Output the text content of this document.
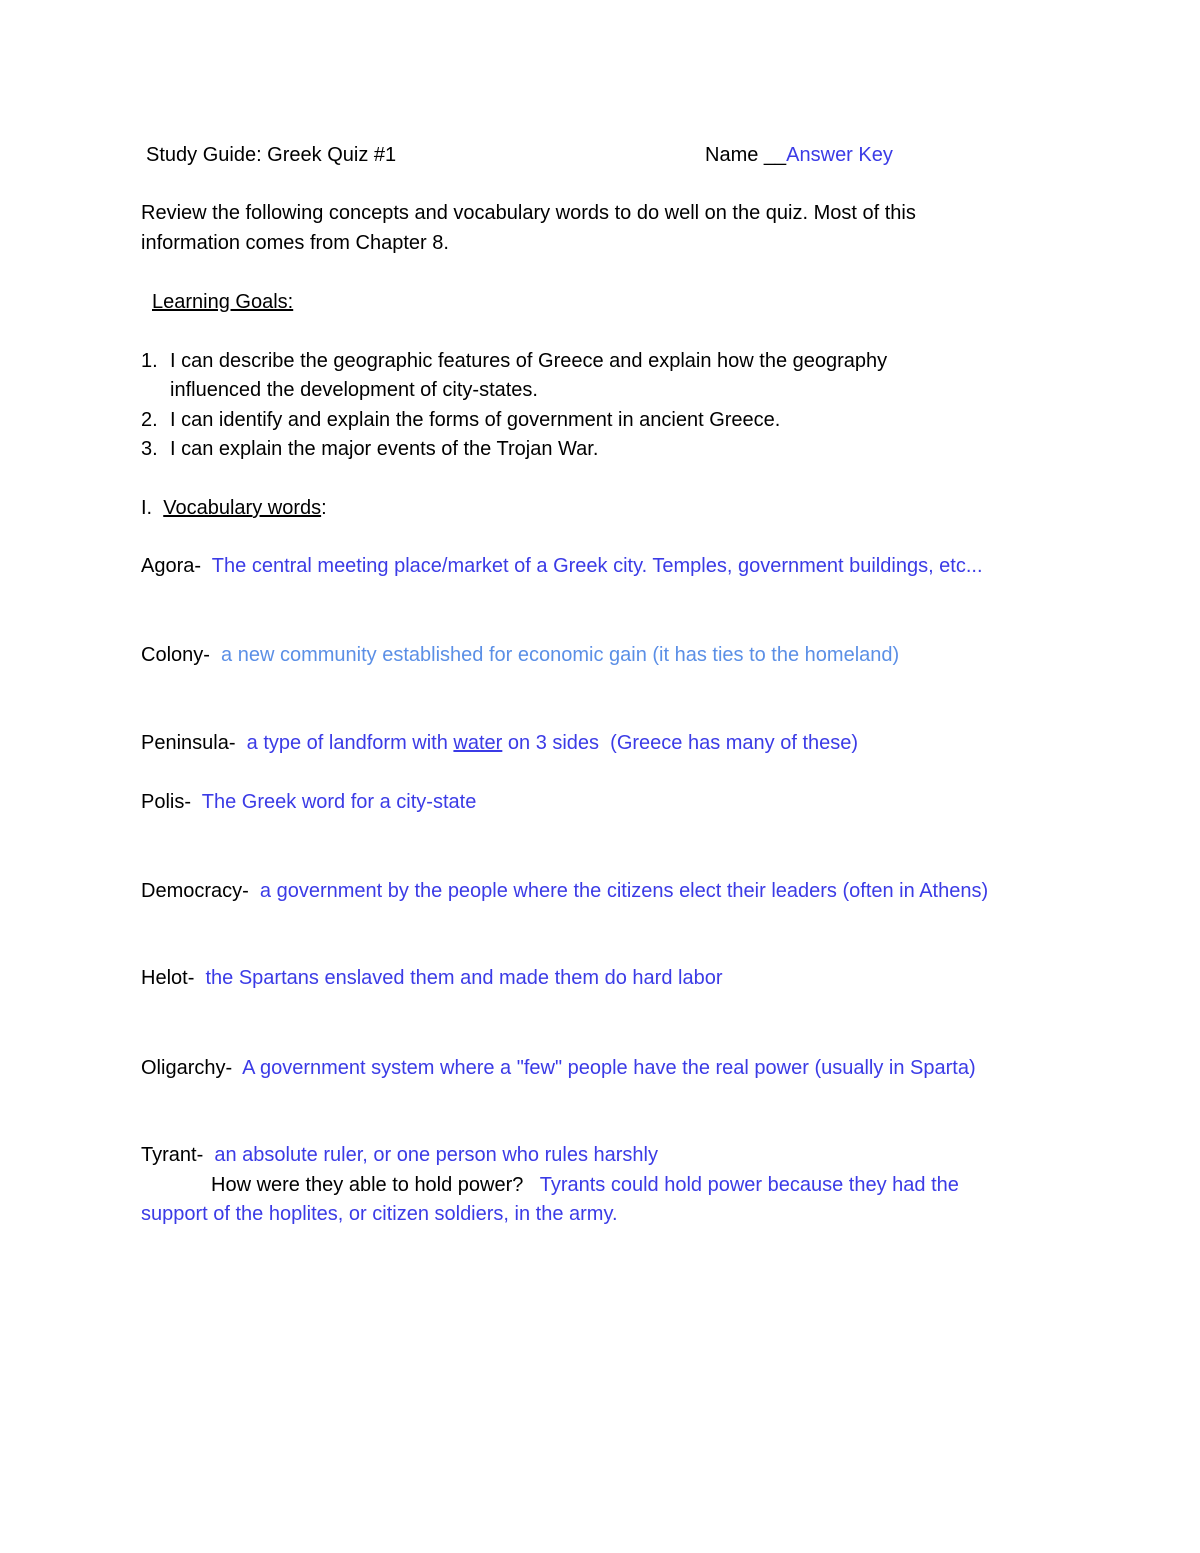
Study Guide: Greek Quiz #1	Name __Answer Key
Review the following concepts and vocabulary words to do well on the quiz. Most of this
information comes from Chapter 8.
Learning Goals:
1. I can describe the geographic features of Greece and explain how the geography
influenced the development of city-states.
2. I can identify and explain the forms of government in ancient Greece.
3. I can explain the major events of the Trojan War.
I.  Vocabulary words:
Agora- The central meeting place/market of a Greek city. Temples, government buildings, etc...
Colony- a new community established for economic gain (it has ties to the homeland)
Peninsula- a type of landform with water on 3 sides  (Greece has many of these)
Polis- The Greek word for a city-state
Democracy- a government by the people where the citizens elect their leaders (often in Athens)
Helot- the Spartans enslaved them and made them do hard labor
Oligarchy- A government system where a "few" people have the real power (usually in Sparta)
Tyrant- an absolute ruler, or one person who rules harshly
How were they able to hold power? Tyrants could hold power because they had the
support of the hoplites, or citizen soldiers, in the army.
